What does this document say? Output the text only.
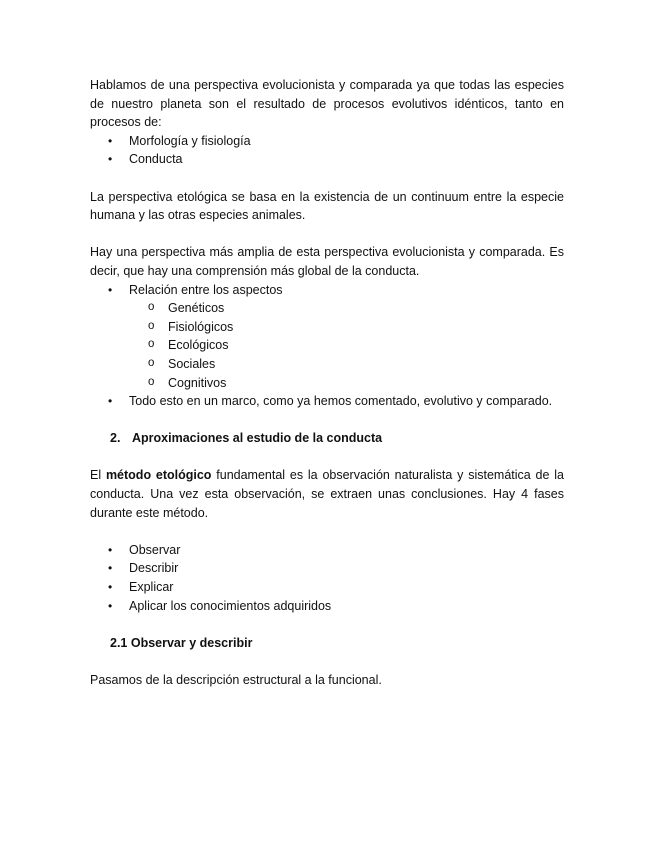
Hablamos de una perspectiva evolucionista y comparada ya que todas las especies de nuestro planeta son el resultado de procesos evolutivos idénticos, tanto en procesos de:

• Morfología y fisiología
• Conducta

La perspectiva etológica se basa en la existencia de un continuum entre la especie humana y las otras especies animales.

Hay una perspectiva más amplia de esta perspectiva evolucionista y comparada. Es decir, que hay una comprensión más global de la conducta.

• Relación entre los aspectos
o Genéticos
o Fisiológicos
o Ecológicos
o Sociales
o Cognitivos
• Todo esto en un marco, como ya hemos comentado, evolutivo y comparado.
2. Aproximaciones al estudio de la conducta

El método etológico fundamental es la observación naturalista y sistemática de la conducta. Una vez esta observación, se extraen unas conclusiones. Hay 4 fases durante este método.

• Observar
• Describir
• Explicar
• Aplicar los conocimientos adquiridos
2.1 Observar y describir

Pasamos de la descripción estructural a la funcional.
